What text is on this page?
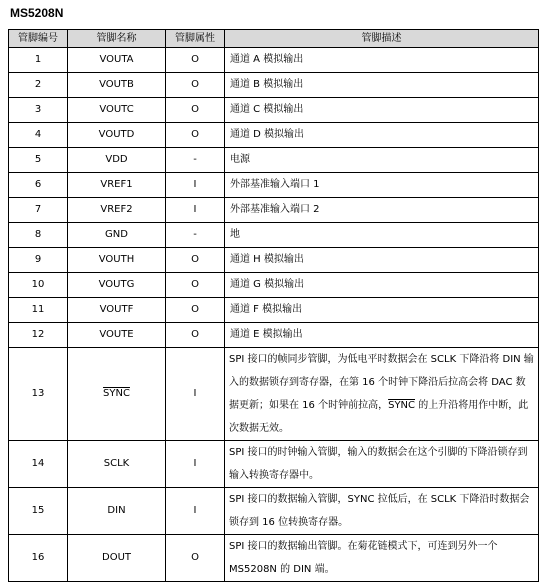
MS5208N
管脚编号	管脚名称	管脚属性	管脚描述
1	VOUTA	O	通道 A 模拟输出
2	VOUTB	O	通道 B 模拟输出
3	VOUTC	O	通道 C 模拟输出
4	VOUTD	O	通道 D 模拟输出
5	VDD	-	电源
6	VREF1	I	外部基准输入端口 1
7	VREF2	I	外部基准输入端口 2
8	GND	-	地
9	VOUTH	O	通道 H 模拟输出
10	VOUTG	O	通道 G 模拟输出
11	VOUTF	O	通道 F 模拟输出
12	VOUTE	O	通道 E 模拟输出
13	SYNC	I	SPI 接口的帧同步管脚，为低电平时数据会在 SCLK 下降沿将 DIN 输入的数据锁存到寄存器，在第 16 个时钟下降沿后拉高会将 DAC 数据更新；如果在 16 个时钟前拉高，SYNC 的上升沿将用作中断，此次数据无效。
14	SCLK	I	SPI 接口的时钟输入管脚，输入的数据会在这个引脚的下降沿锁存到输入转换寄存器中。
15	DIN	I	SPI 接口的数据输入管脚，SYNC 拉低后，在 SCLK 下降沿时数据会锁存到 16 位转换寄存器。
16	DOUT	O	SPI 接口的数据输出管脚。在菊花链模式下，可连到另外一个 MS5208N 的 DIN 端。
